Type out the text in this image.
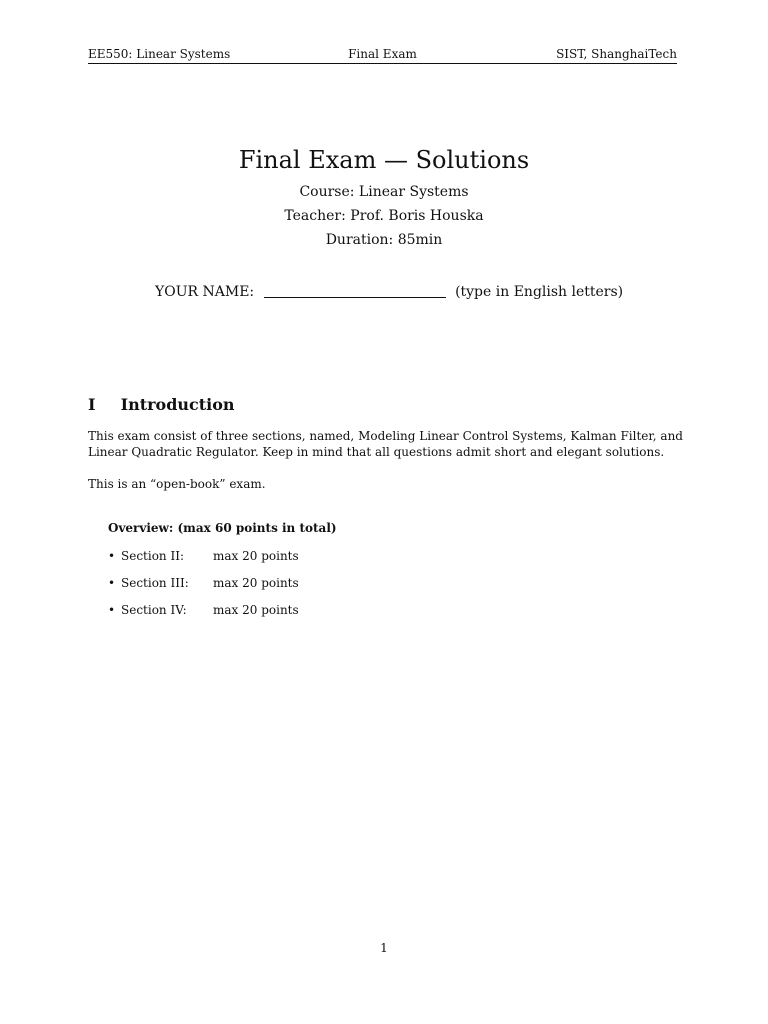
EE550: Linear Systems	Final Exam	SIST, ShanghaiTech
Final Exam — Solutions
Course: Linear Systems
Teacher: Prof. Boris Houska
Duration: 85min
YOUR NAME:	(type in English letters)
I Introduction
This exam consist of three sections, named, Modeling Linear Control Systems, Kalman Filter, and
Linear Quadratic Regulator. Keep in mind that all questions admit short and elegant solutions.
This is an “open-book” exam.
Overview: (max 60 points in total)
• Section II: max 20 points
• Section III: max 20 points
• Section IV: max 20 points
1
